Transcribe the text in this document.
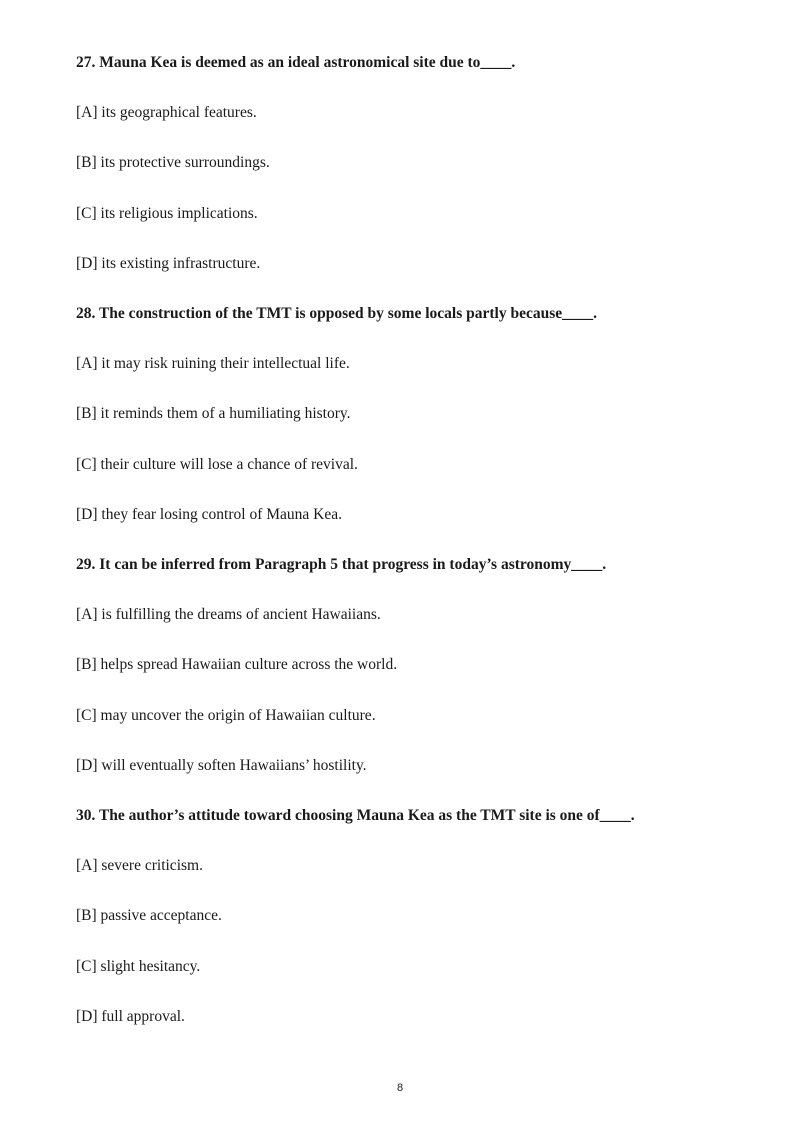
27. Mauna Kea is deemed as an ideal astronomical site due to____.
[A] its geographical features.
[B] its protective surroundings.
[C] its religious implications.
[D] its existing infrastructure.
28. The construction of the TMT is opposed by some locals partly because____.
[A] it may risk ruining their intellectual life.
[B] it reminds them of a humiliating history.
[C] their culture will lose a chance of revival.
[D] they fear losing control of Mauna Kea.
29. It can be inferred from Paragraph 5 that progress in today’s astronomy____.
[A] is fulfilling the dreams of ancient Hawaiians.
[B] helps spread Hawaiian culture across the world.
[C] may uncover the origin of Hawaiian culture.
[D] will eventually soften Hawaiians’ hostility.
30. The author’s attitude toward choosing Mauna Kea as the TMT site is one of____.
[A] severe criticism.
[B] passive acceptance.
[C] slight hesitancy.
[D] full approval.
8
